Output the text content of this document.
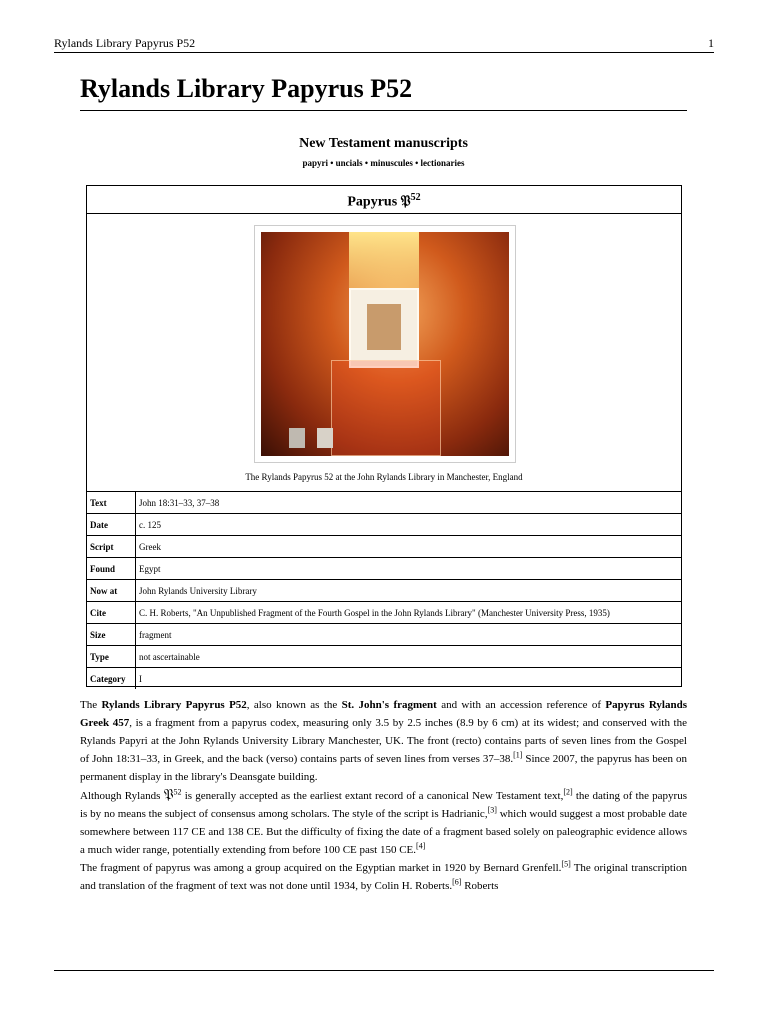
Rylands Library Papyrus P52	1
Rylands Library Papyrus P52
New Testament manuscripts
papyri • uncials • minuscules • lectionaries
Papyrus 𝔓$^{52}$
The Rylands Papyrus 52 at the John Rylands Library in Manchester, England
Text	John 18:31–33, 37–38
Date	c. 125
Script	Greek
Found	Egypt
Now at	John Rylands University Library
Cite	C. H. Roberts, "An Unpublished Fragment of the Fourth Gospel in the John Rylands Library" (Manchester University Press, 1935)
Size	fragment
Type	not ascertainable
Category	I

The Rylands Library Papyrus P52, also known as the St. John's fragment and with an accession reference of Papyrus Rylands Greek 457, is a fragment from a papyrus codex, measuring only 3.5 by 2.5 inches (8.9 by 6 cm) at its widest; and conserved with the Rylands Papyri at the John Rylands University Library Manchester, UK. The front (recto) contains parts of seven lines from the Gospel of John 18:31–33, in Greek, and the back (verso) contains parts of seven lines from verses 37–38.[1] Since 2007, the papyrus has been on permanent display in the library's Deansgate building.

Although Rylands 𝔓$^{52}$ is generally accepted as the earliest extant record of a canonical New Testament text,[2] the dating of the papyrus is by no means the subject of consensus among scholars. The style of the script is Hadrianic,[3] which would suggest a most probable date somewhere between 117 CE and 138 CE. But the difficulty of fixing the date of a fragment based solely on paleographic evidence allows a much wider range, potentially extending from before 100 CE past 150 CE.[4]

The fragment of papyrus was among a group acquired on the Egyptian market in 1920 by Bernard Grenfell.[5] The original transcription and translation of the fragment of text was not done until 1934, by Colin H. Roberts.[6] Roberts
